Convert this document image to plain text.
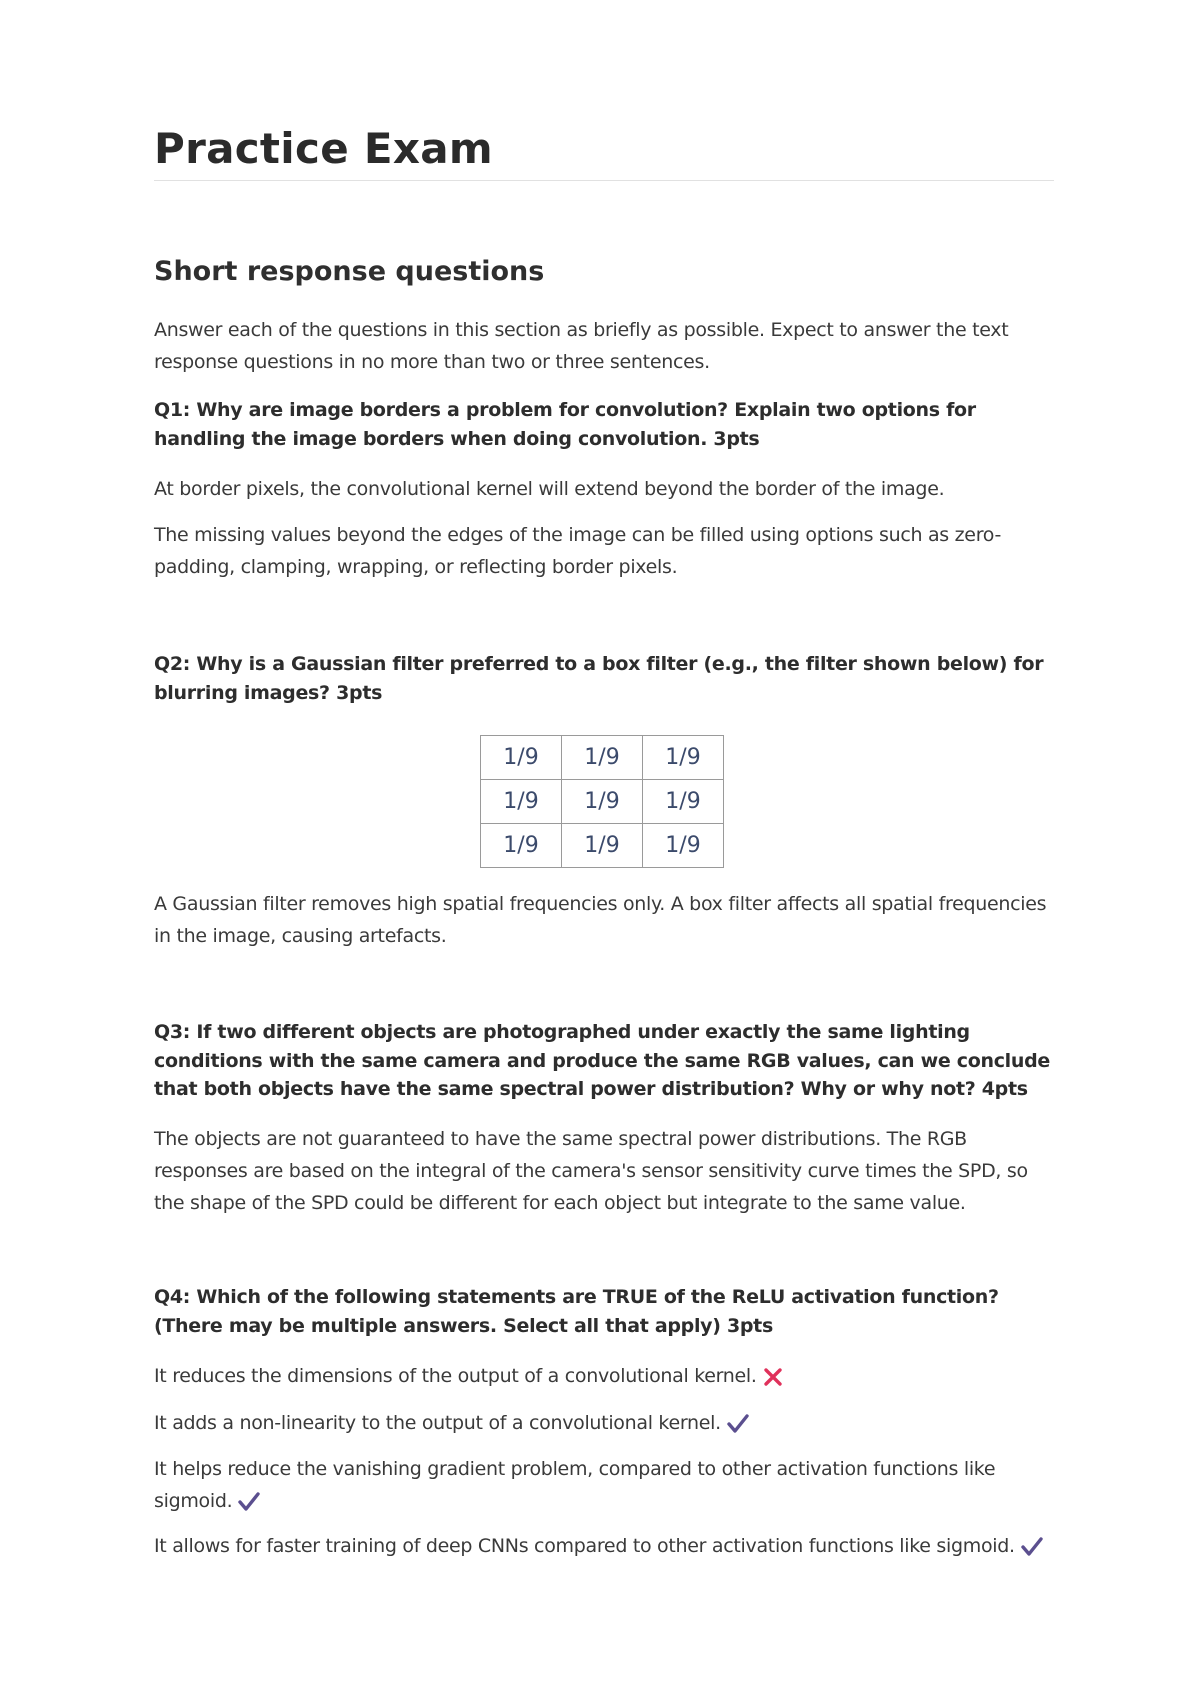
Practice Exam
Short response questions

Answer each of the questions in this section as briefly as possible. Expect to answer the text response questions in no more than two or three sentences.

Q1: Why are image borders a problem for convolution? Explain two options for handling the image borders when doing convolution. 3pts

At border pixels, the convolutional kernel will extend beyond the border of the image.

The missing values beyond the edges of the image can be filled using options such as zero-padding, clamping, wrapping, or reflecting border pixels.

Q2: Why is a Gaussian filter preferred to a box filter (e.g., the filter shown below) for blurring images? 3pts

1/9	1/9	1/9
1/9	1/9	1/9
1/9	1/9	1/9

A Gaussian filter removes high spatial frequencies only. A box filter affects all spatial frequencies in the image, causing artefacts.

Q3: If two different objects are photographed under exactly the same lighting conditions with the same camera and produce the same RGB values, can we conclude that both objects have the same spectral power distribution? Why or why not? 4pts

The objects are not guaranteed to have the same spectral power distributions. The RGB responses are based on the integral of the camera's sensor sensitivity curve times the SPD, so the shape of the SPD could be different for each object but integrate to the same value.

Q4: Which of the following statements are TRUE of the ReLU activation function? (There may be multiple answers. Select all that apply) 3pts

It reduces the dimensions of the output of a convolutional kernel.

It adds a non-linearity to the output of a convolutional kernel.

It helps reduce the vanishing gradient problem, compared to other activation functions like sigmoid.

It allows for faster training of deep CNNs compared to other activation functions like sigmoid.
